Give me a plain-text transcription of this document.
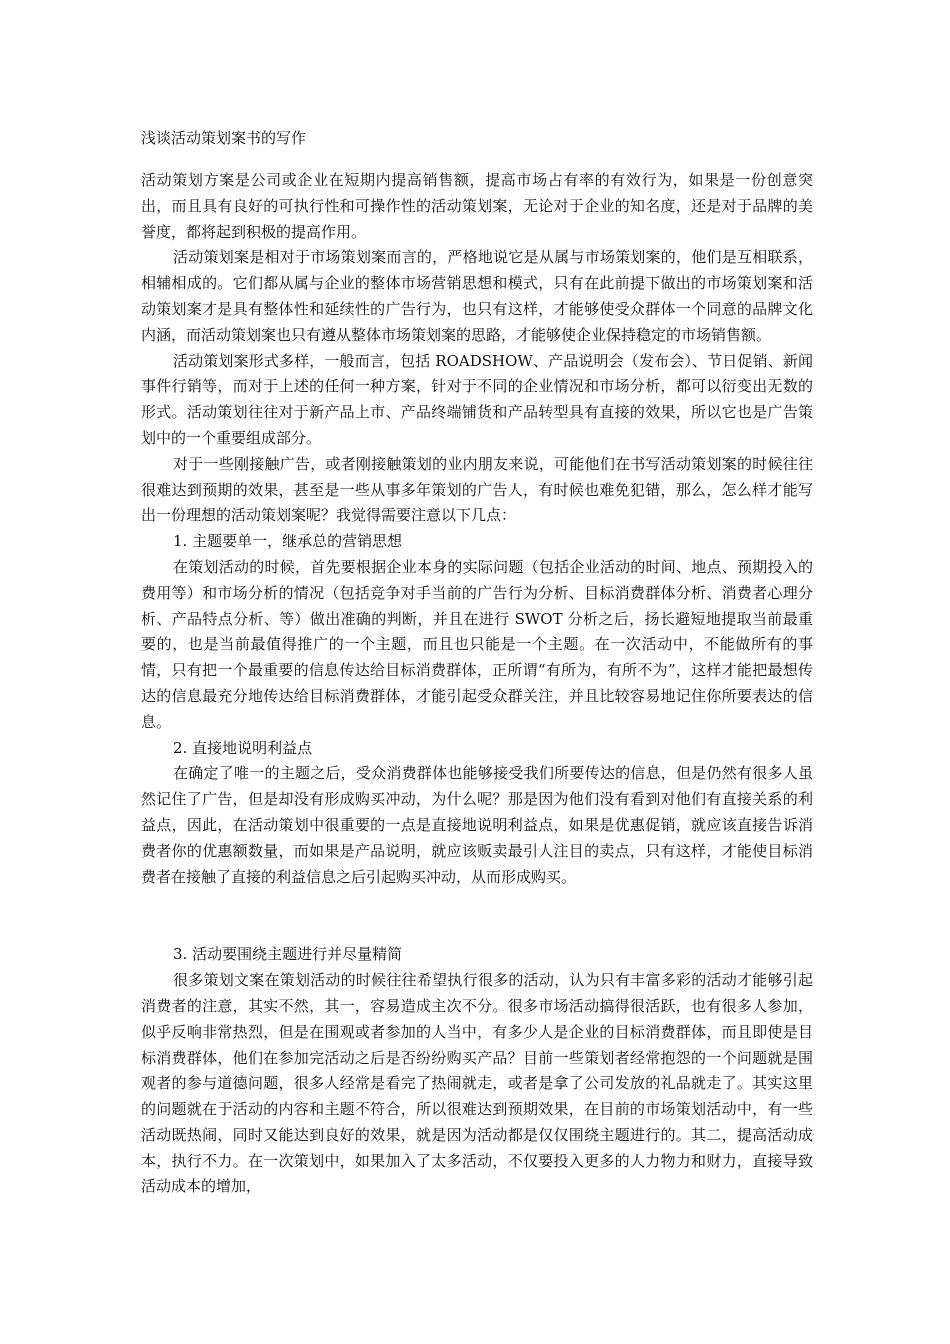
浅谈活动策划案书的写作

活动策划方案是公司或企业在短期内提高销售额，提高市场占有率的有效行为，如果是一份创意突出，而且具有良好的可执行性和可操作性的活动策划案，无论对于企业的知名度，还是对于品牌的美誉度，都将起到积极的提高作用。

活动策划案是相对于市场策划案而言的，严格地说它是从属与市场策划案的，他们是互相联系，相辅相成的。它们都从属与企业的整体市场营销思想和模式，只有在此前提下做出的市场策划案和活动策划案才是具有整体性和延续性的广告行为，也只有这样，才能够使受众群体一个同意的品牌文化内涵，而活动策划案也只有遵从整体市场策划案的思路，才能够使企业保持稳定的市场销售额。

活动策划案形式多样，一般而言，包括 ROADSHOW、产品说明会（发布会）、节日促销、新闻事件行销等，而对于上述的任何一种方案，针对于不同的企业情况和市场分析，都可以衍变出无数的形式。活动策划往往对于新产品上市、产品终端铺货和产品转型具有直接的效果，所以它也是广告策划中的一个重要组成部分。

对于一些刚接触广告，或者刚接触策划的业内朋友来说，可能他们在书写活动策划案的时候往往很难达到预期的效果，甚至是一些从事多年策划的广告人，有时候也难免犯错，那么，怎么样才能写出一份理想的活动策划案呢？我觉得需要注意以下几点：

1. 主题要单一，继承总的营销思想

在策划活动的时候，首先要根据企业本身的实际问题（包括企业活动的时间、地点、预期投入的费用等）和市场分析的情况（包括竞争对手当前的广告行为分析、目标消费群体分析、消费者心理分析、产品特点分析、等）做出准确的判断，并且在进行 SWOT 分析之后，扬长避短地提取当前最重要的，也是当前最值得推广的一个主题，而且也只能是一个主题。在一次活动中，不能做所有的事情，只有把一个最重要的信息传达给目标消费群体，正所谓“有所为，有所不为”，这样才能把最想传达的信息最充分地传达给目标消费群体，才能引起受众群关注，并且比较容易地记住你所要表达的信息。

2. 直接地说明利益点

在确定了唯一的主题之后，受众消费群体也能够接受我们所要传达的信息，但是仍然有很多人虽然记住了广告，但是却没有形成购买冲动，为什么呢？那是因为他们没有看到对他们有直接关系的利益点，因此，在活动策划中很重要的一点是直接地说明利益点，如果是优惠促销，就应该直接告诉消费者你的优惠额数量，而如果是产品说明，就应该贩卖最引人注目的卖点，只有这样，才能使目标消费者在接触了直接的利益信息之后引起购买冲动，从而形成购买。

3. 活动要围绕主题进行并尽量精简

很多策划文案在策划活动的时候往往希望执行很多的活动，认为只有丰富多彩的活动才能够引起消费者的注意，其实不然，其一，容易造成主次不分。很多市场活动搞得很活跃，也有很多人参加，似乎反响非常热烈，但是在围观或者参加的人当中，有多少人是企业的目标消费群体，而且即使是目标消费群体，他们在参加完活动之后是否纷纷购买产品？目前一些策划者经常抱怨的一个问题就是围观者的参与道德问题，很多人经常是看完了热闹就走，或者是拿了公司发放的礼品就走了。其实这里的问题就在于活动的内容和主题不符合，所以很难达到预期效果，在目前的市场策划活动中，有一些活动既热闹，同时又能达到良好的效果，就是因为活动都是仅仅围绕主题进行的。其二，提高活动成本，执行不力。在一次策划中，如果加入了太多活动，不仅要投入更多的人力物力和财力，直接导致活动成本的增加，
